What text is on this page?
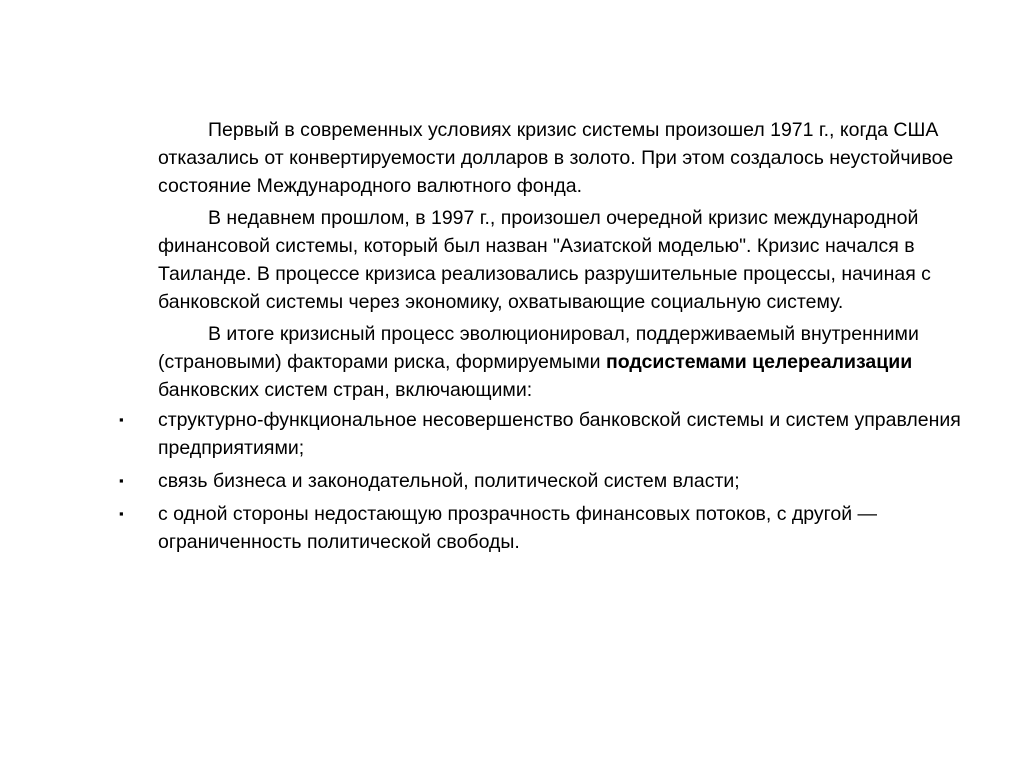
Первый в современных условиях кризис системы произошел 1971 г., когда США отказались от конвертируемости долларов в золото. При этом создалось неустойчивое состояние Международного валютного фонда.

В недавнем прошлом, в 1997 г., произошел очередной кризис международной финансовой системы, который был назван "Азиатской моделью". Кризис начался в Таиланде. В процессе кризиса реализовались разрушительные процессы, начиная с банковской системы через экономику, охватывающие социальную систему.

В итоге кризисный процесс эволюционировал, поддерживаемый внутренними (страновыми) факторами риска, формируемыми подсистемами целереализации банковских систем стран, включающими:

▪ структурно-функциональное несовершенство банковской системы и систем управления предприятиями;
▪ связь бизнеса и законодательной, политической систем власти;
▪ с одной стороны недостающую прозрачность финансовых потоков, с другой — ограниченность политической свободы.
